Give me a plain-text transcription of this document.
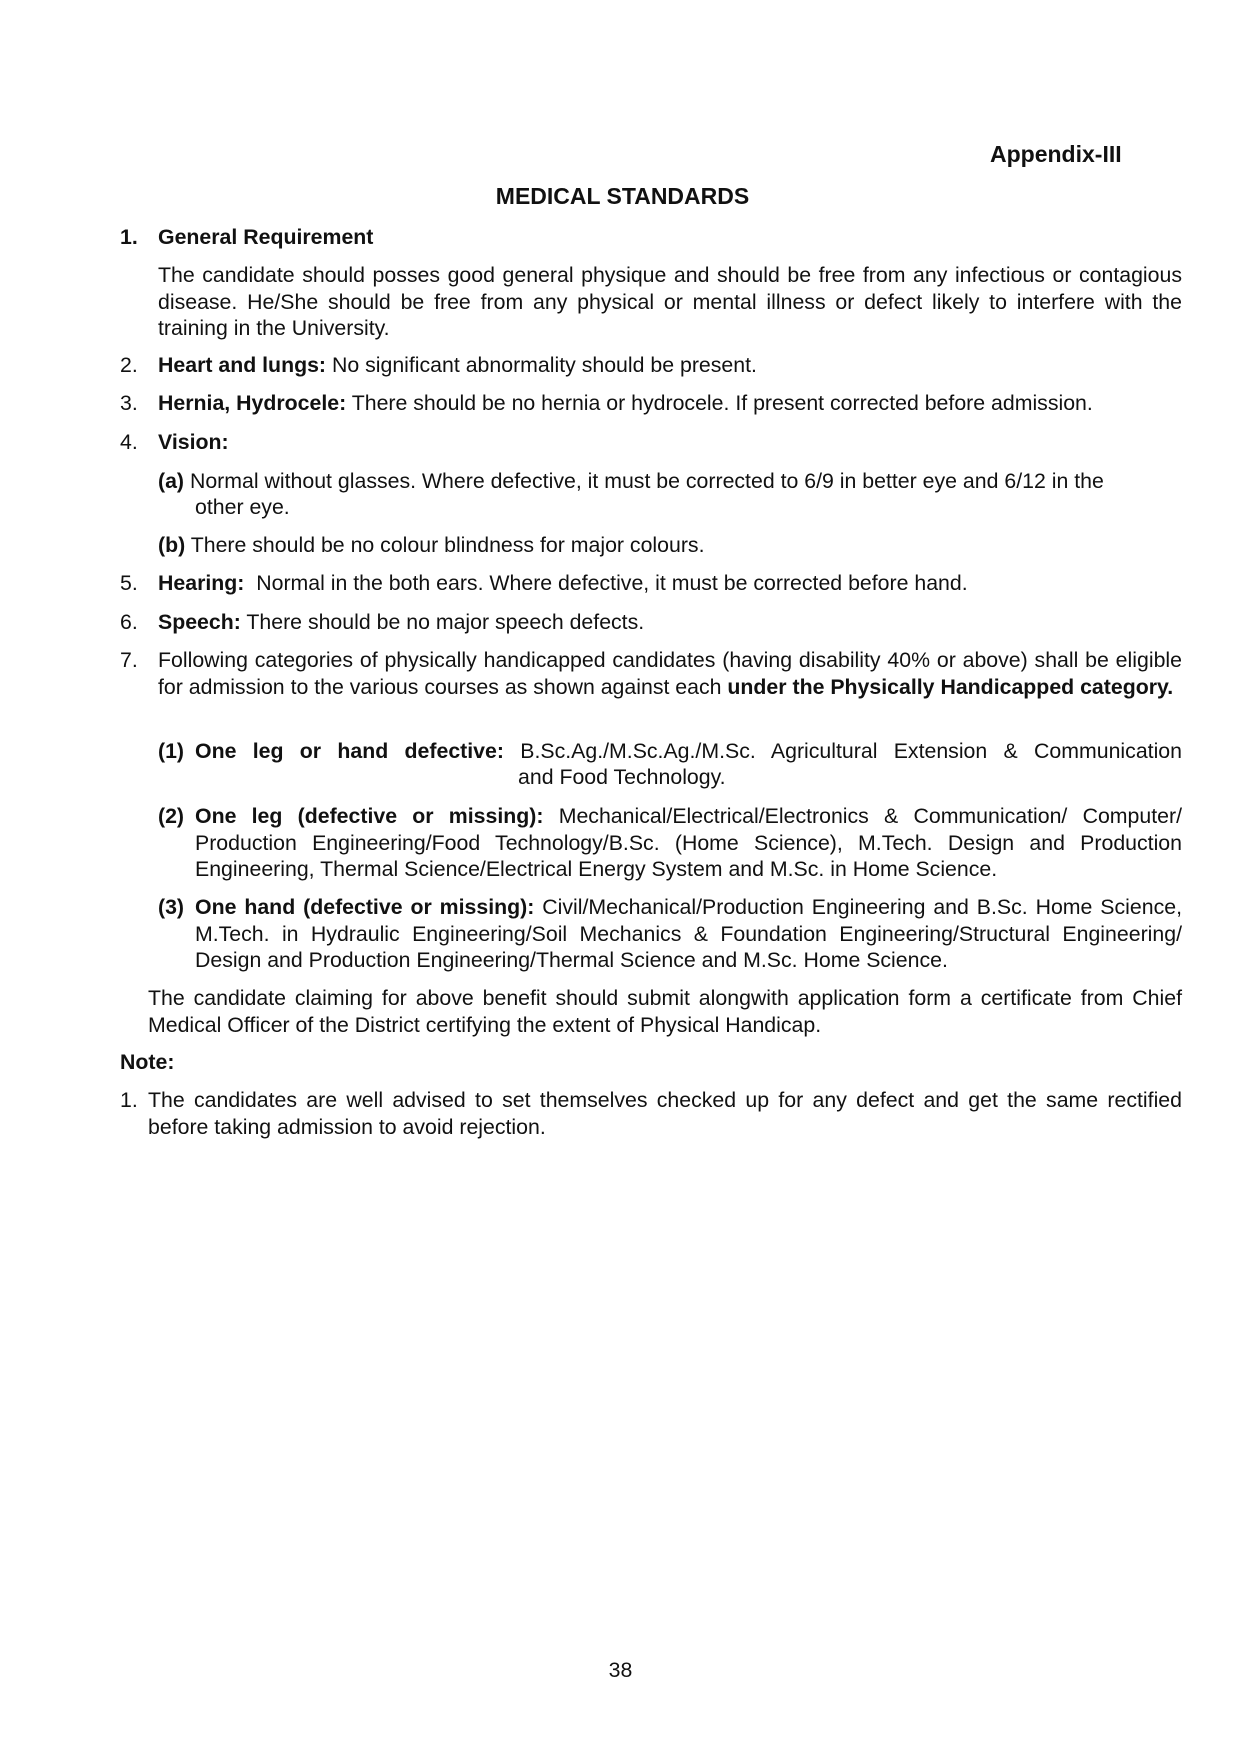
Appendix-III
MEDICAL STANDARDS
1. General Requirement
The candidate should posses good general physique and should be free from any infectious or contagious disease. He/She should be free from any physical or mental illness or defect likely to interfere with the training in the University.
2. Heart and lungs: No significant abnormality should be present.
3. Hernia, Hydrocele: There should be no hernia or hydrocele. If present corrected before admission.
4. Vision:
(a) Normal without glasses. Where defective, it must be corrected to 6/9 in better eye and 6/12 in the
other eye.
(b) There should be no colour blindness for major colours.
5. Hearing:  Normal in the both ears. Where defective, it must be corrected before hand.
6. Speech: There should be no major speech defects.
7. Following categories of physically handicapped candidates (having disability 40% or above) shall be eligible for admission to the various courses as shown against each under the Physically Handicapped category.
(1) One leg or hand defective: B.Sc.Ag./M.Sc.Ag./M.Sc. Agricultural Extension & Communication
and Food Technology.
(2) One leg (defective or missing): Mechanical/Electrical/Electronics & Communication/ Computer/ Production Engineering/Food Technology/B.Sc. (Home Science), M.Tech. Design and Production Engineering, Thermal Science/Electrical Energy System and M.Sc. in Home Science.
(3) One hand (defective or missing): Civil/Mechanical/Production Engineering and B.Sc. Home Science, M.Tech. in Hydraulic Engineering/Soil Mechanics & Foundation Engineering/Structural Engineering/ Design and Production Engineering/Thermal Science and M.Sc. Home Science.
The candidate claiming for above benefit should submit alongwith application form a certificate from Chief Medical Officer of the District certifying the extent of Physical Handicap.
Note:
1. The candidates are well advised to set themselves checked up for any defect and get the same rectified before taking admission to avoid rejection.
38
